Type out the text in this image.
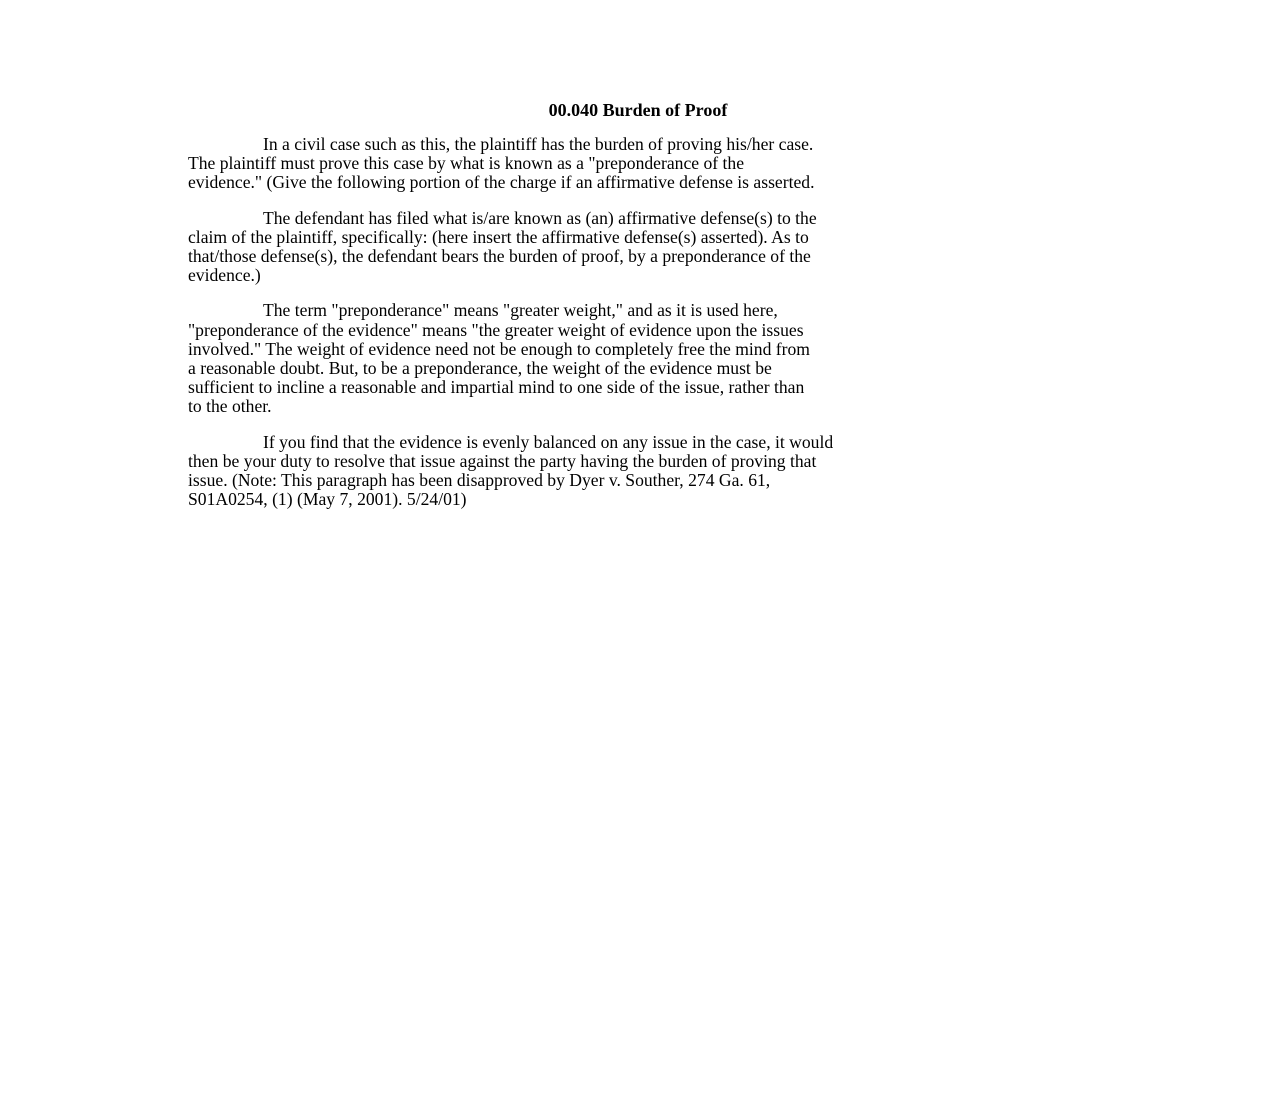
00.040 Burden of Proof
In a civil case such as this, the plaintiff has the burden of proving his/her case.
The plaintiff must prove this case by what is known as a "preponderance of the
evidence." (Give the following portion of the charge if an affirmative defense is asserted.
The defendant has filed what is/are known as (an) affirmative defense(s) to the
claim of the plaintiff, specifically: (here insert the affirmative defense(s) asserted). As to
that/those defense(s), the defendant bears the burden of proof, by a preponderance of the
evidence.)
The term "preponderance" means "greater weight," and as it is used here,
"preponderance of the evidence" means "the greater weight of evidence upon the issues
involved." The weight of evidence need not be enough to completely free the mind from
a reasonable doubt. But, to be a preponderance, the weight of the evidence must be
sufficient to incline a reasonable and impartial mind to one side of the issue, rather than
to the other.
If you find that the evidence is evenly balanced on any issue in the case, it would
then be your duty to resolve that issue against the party having the burden of proving that
issue. (Note: This paragraph has been disapproved by Dyer v. Souther, 274 Ga. 61,
S01A0254, (1) (May 7, 2001). 5/24/01)
